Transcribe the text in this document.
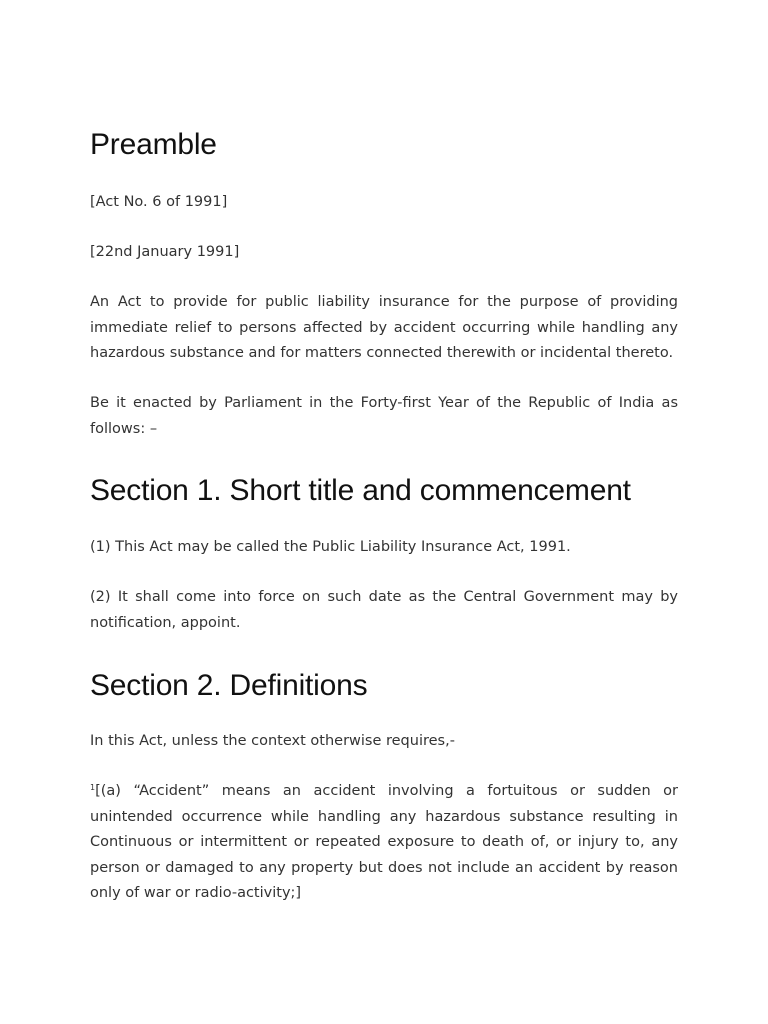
Preamble

[Act No. 6 of 1991]

[22nd January 1991]

An Act to provide for public liability insurance for the purpose of providing immediate relief to persons affected by accident occurring while handling any hazardous substance and for matters connected therewith or incidental thereto.

Be it enacted by Parliament in the Forty-first Year of the Republic of India as follows: –

Section 1. Short title and commencement

(1) This Act may be called the Public Liability Insurance Act, 1991.

(2) It shall come into force on such date as the Central Government may by notification, appoint.

Section 2. Definitions

In this Act, unless the context otherwise requires,-

$^1$[(a) “Accident” means an accident involving a fortuitous or sudden or unintended occurrence while handling any hazardous substance resulting in Continuous or intermittent or repeated exposure to death of, or injury to, any person or damaged to any property but does not include an accident by reason only of war or radio-activity;]
